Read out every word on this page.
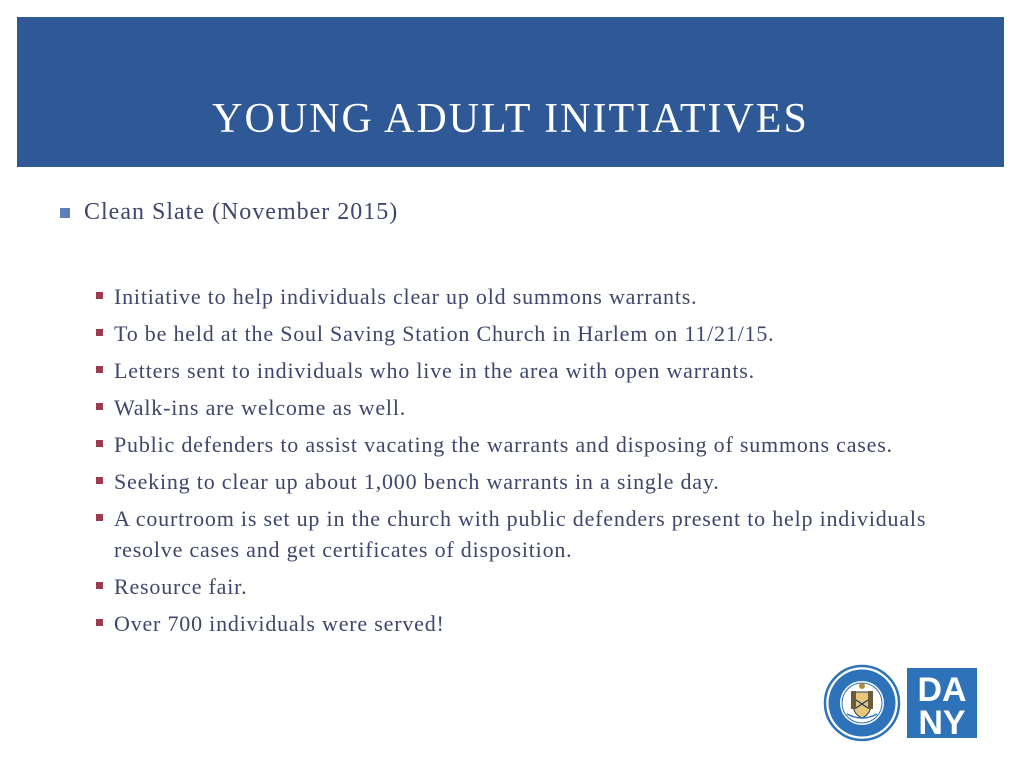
YOUNG ADULT INITIATIVES
Clean Slate (November 2015)
Initiative to help individuals clear up old summons warrants.
To be held at the Soul Saving Station Church in Harlem on 11/21/15.
Letters sent to individuals who live in the area with open warrants.
Walk-ins are welcome as well.
Public defenders to assist vacating the warrants and disposing of summons cases.
Seeking to clear up about 1,000 bench warrants in a single day.
A courtroom is set up in the church with public defenders present to help individuals resolve cases and get certificates of disposition.
Resource fair.
Over 700 individuals were served!
DA
NY
